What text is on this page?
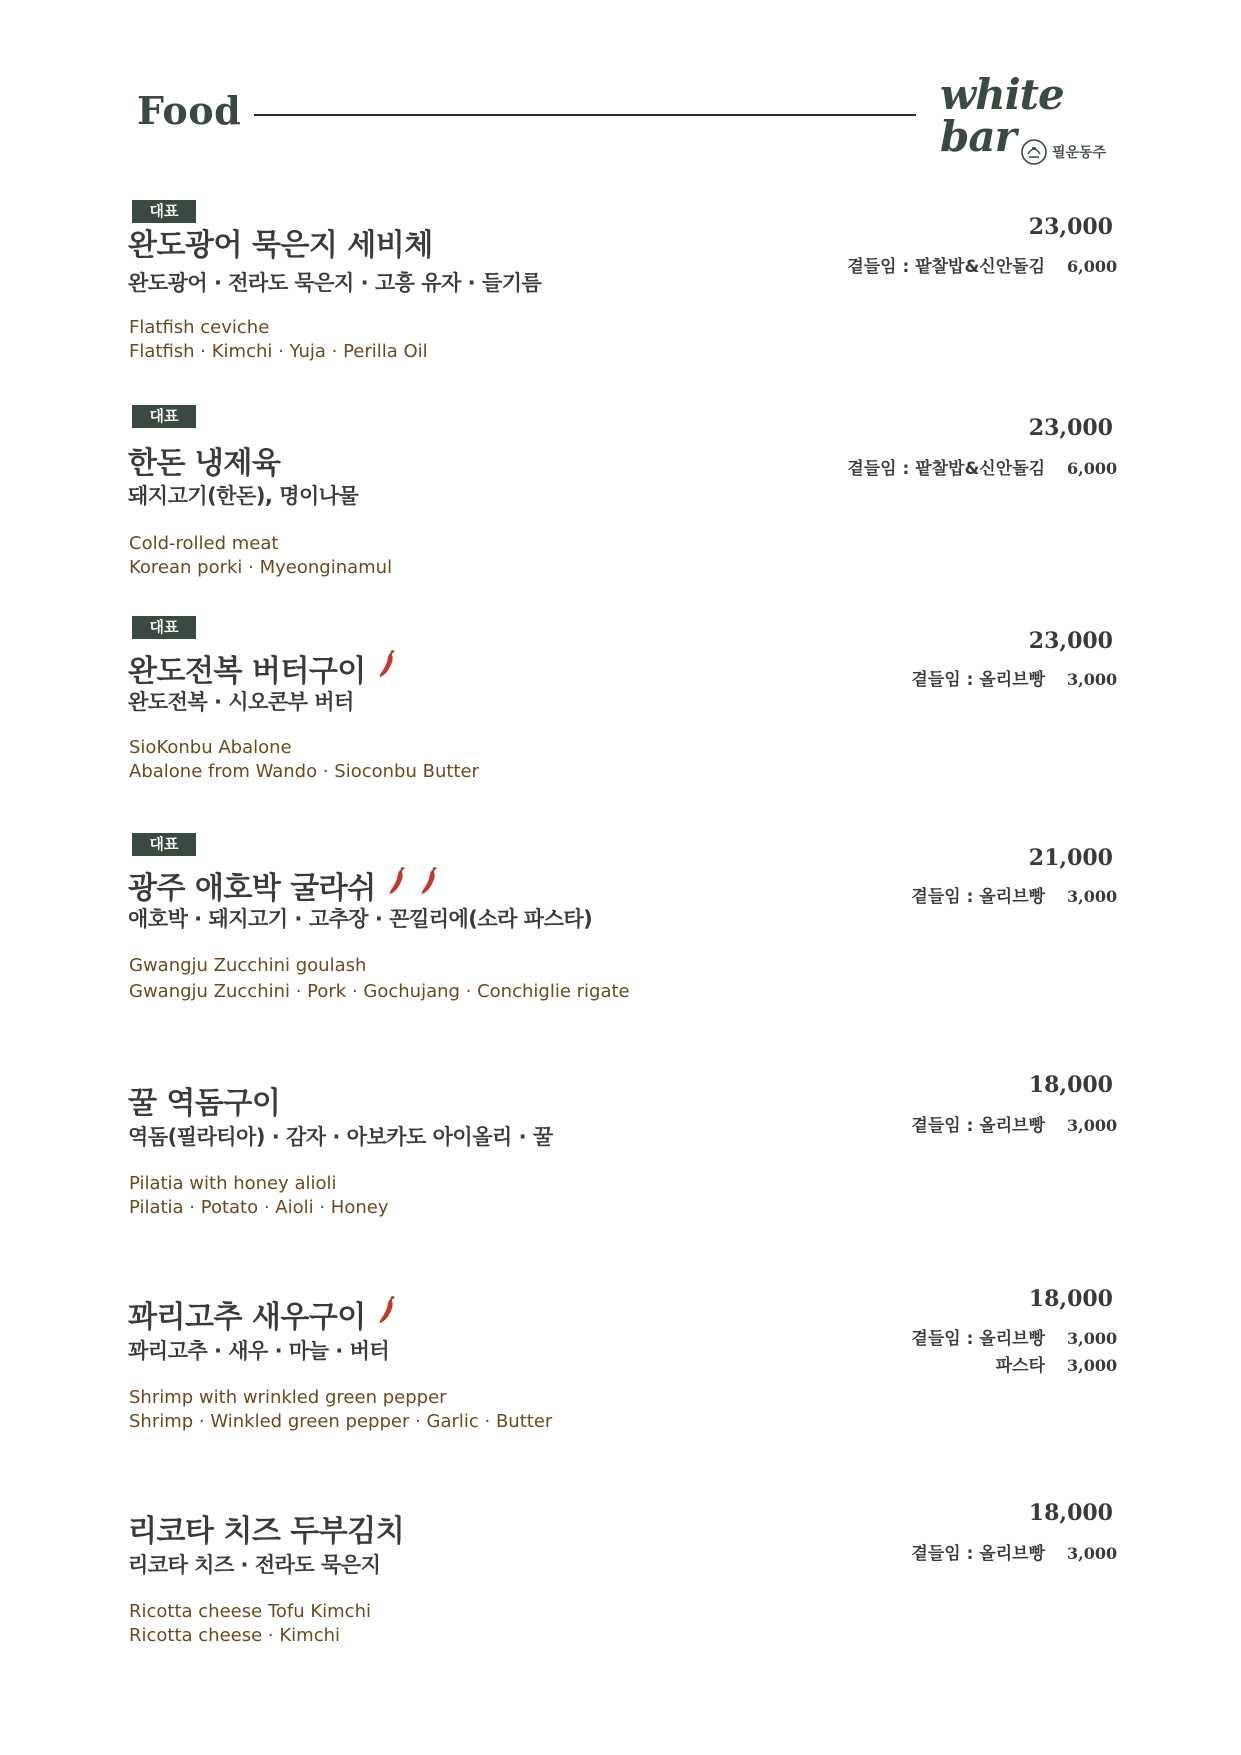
Food	white bar	필운동주
대표
완도광어 묵은지 세비체
완도광어 · 전라도 묵은지 · 고흥 유자 · 들기름
Flatfish ceviche
Flatfish · Kimchi · Yuja · Perilla Oil
23,000
곁들임 : 팥찰밥&신안돌김 6,000
대표
한돈 냉제육
돼지고기(한돈), 명이나물
Cold-rolled meat
Korean porki · Myeonginamul
23,000
곁들임 : 팥찰밥&신안돌김 6,000
대표
완도전복 버터구이
완도전복 · 시오콘부 버터
SioKonbu Abalone
Abalone from Wando · Sioconbu Butter
23,000
곁들임 : 올리브빵 3,000
대표
광주 애호박 굴라쉬
애호박 · 돼지고기 · 고추장 · 꼰낄리에(소라 파스타)
Gwangju Zucchini goulash
Gwangju Zucchini · Pork · Gochujang · Conchiglie rigate
21,000
곁들임 : 올리브빵 3,000
꿀 역돔구이
역돔(필라티아) · 감자 · 아보카도 아이올리 · 꿀
Pilatia with honey alioli
Pilatia · Potato · Aioli · Honey
18,000
곁들임 : 올리브빵 3,000
꽈리고추 새우구이
꽈리고추 · 새우 · 마늘 · 버터
Shrimp with wrinkled green pepper
Shrimp · Winkled green pepper · Garlic · Butter
18,000
곁들임 : 올리브빵 3,000
파스타 3,000
리코타 치즈 두부김치
리코타 치즈 · 전라도 묵은지
Ricotta cheese Tofu Kimchi
Ricotta cheese · Kimchi
18,000
곁들임 : 올리브빵 3,000
